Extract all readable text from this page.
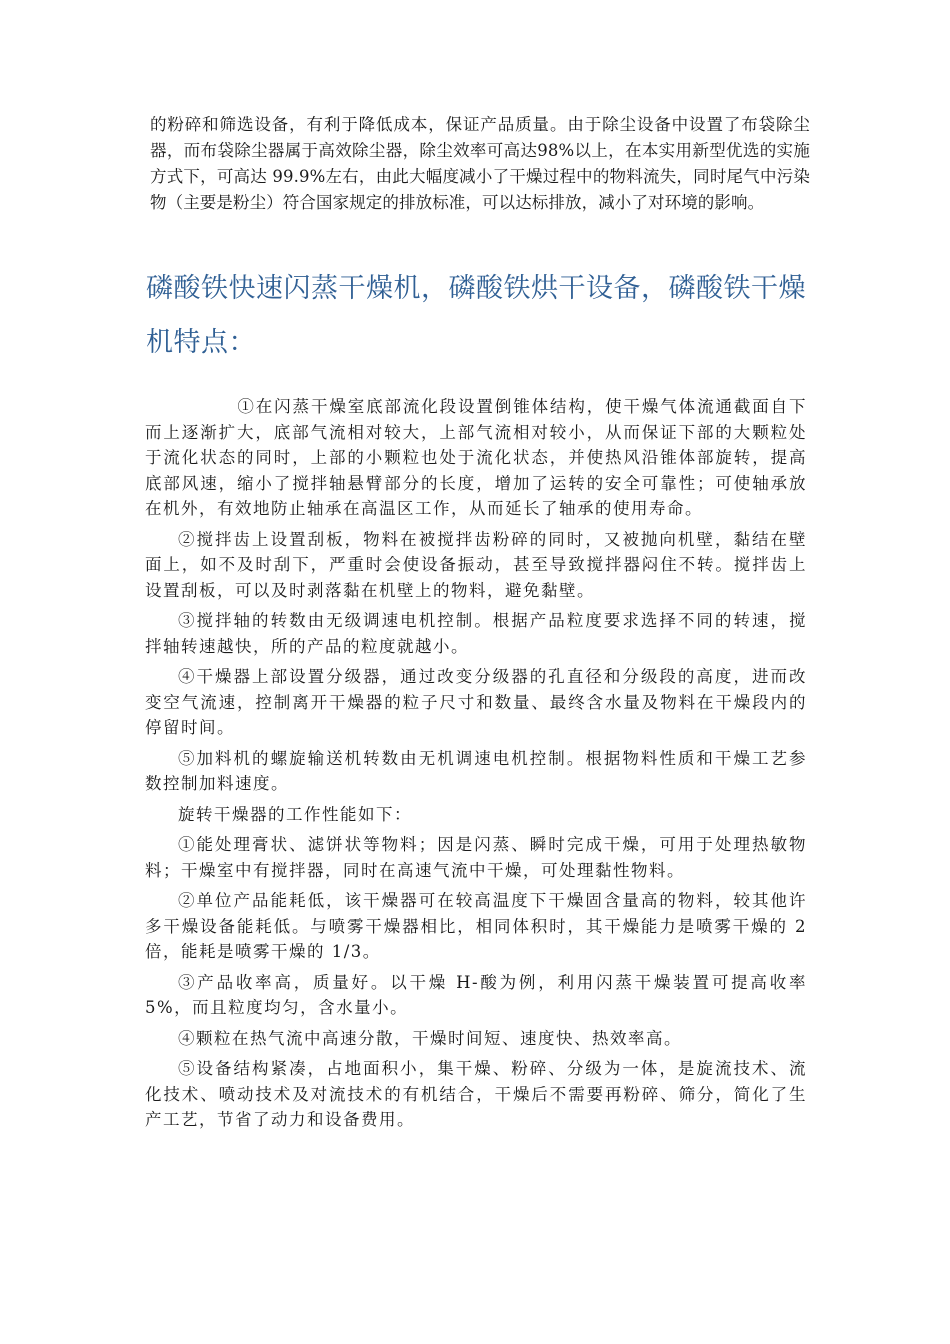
的粉碎和筛选设备，有利于降低成本，保证产品质量。由于除尘设备中设置了布袋除尘器，而布袋除尘器属于高效除尘器，除尘效率可高达98%以上，在本实用新型优选的实施方式下，可高达 99.9%左右，由此大幅度减小了干燥过程中的物料流失，同时尾气中污染物（主要是粉尘）符合国家规定的排放标准，可以达标排放，减小了对环境的影响。

磷酸铁快速闪蒸干燥机，磷酸铁烘干设备，磷酸铁干燥机特点：

①在闪蒸干燥室底部流化段设置倒锥体结构，使干燥气体流通截面自下而上逐渐扩大，底部气流相对较大，上部气流相对较小，从而保证下部的大颗粒处于流化状态的同时，上部的小颗粒也处于流化状态，并使热风沿锥体部旋转，提高底部风速，缩小了搅拌轴悬臂部分的长度，增加了运转的安全可靠性；可使轴承放在机外，有效地防止轴承在高温区工作，从而延长了轴承的使用寿命。

②搅拌齿上设置刮板，物料在被搅拌齿粉碎的同时，又被抛向机壁，黏结在壁面上，如不及时刮下，严重时会使设备振动，甚至导致搅拌器闷住不转。搅拌齿上设置刮板，可以及时剥落黏在机壁上的物料，避免黏壁。

③搅拌轴的转数由无级调速电机控制。根据产品粒度要求选择不同的转速，搅拌轴转速越快，所的产品的粒度就越小。

④干燥器上部设置分级器，通过改变分级器的孔直径和分级段的高度，进而改变空气流速，控制离开干燥器的粒子尺寸和数量、最终含水量及物料在干燥段内的停留时间。

⑤加料机的螺旋输送机转数由无机调速电机控制。根据物料性质和干燥工艺参数控制加料速度。

旋转干燥器的工作性能如下：

①能处理膏状、滤饼状等物料；因是闪蒸、瞬时完成干燥，可用于处理热敏物料；干燥室中有搅拌器，同时在高速气流中干燥，可处理黏性物料。

②单位产品能耗低，该干燥器可在较高温度下干燥固含量高的物料，较其他许多干燥设备能耗低。与喷雾干燥器相比，相同体积时，其干燥能力是喷雾干燥的 2 倍，能耗是喷雾干燥的 1/3。

③产品收率高，质量好。以干燥 H-酸为例，利用闪蒸干燥装置可提高收率 5%，而且粒度均匀，含水量小。

④颗粒在热气流中高速分散，干燥时间短、速度快、热效率高。

⑤设备结构紧凑，占地面积小，集干燥、粉碎、分级为一体，是旋流技术、流化技术、喷动技术及对流技术的有机结合，干燥后不需要再粉碎、筛分，简化了生产工艺，节省了动力和设备费用。
